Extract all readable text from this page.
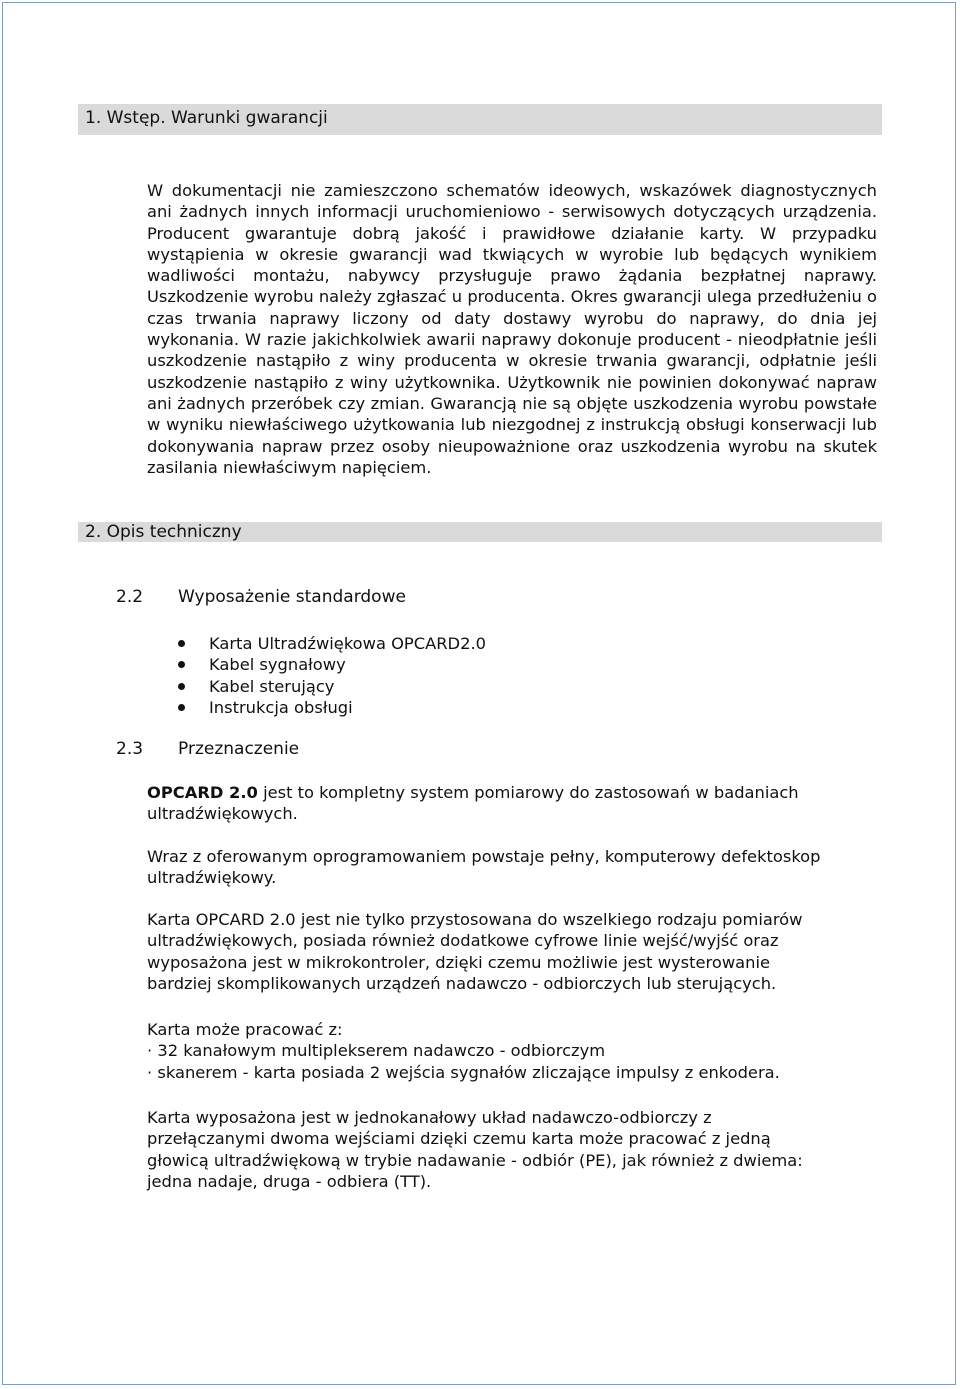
1. Wstęp. Warunki gwarancji
W dokumentacji nie zamieszczono schematów ideowych, wskazówek diagnostycznych ani żadnych innych informacji uruchomieniowo - serwisowych dotyczących urządzenia. Producent gwarantuje dobrą jakość i prawidłowe działanie karty. W przypadku wystąpienia w okresie gwarancji wad tkwiących w wyrobie lub będących wynikiem wadliwości montażu, nabywcy przysługuje prawo żądania bezpłatnej naprawy. Uszkodzenie wyrobu należy zgłaszać u producenta. Okres gwarancji ulega przedłużeniu o czas trwania naprawy liczony od daty dostawy wyrobu do naprawy, do dnia jej wykonania. W razie jakichkolwiek awarii naprawy dokonuje producent - nieodpłatnie jeśli uszkodzenie nastąpiło z winy producenta w okresie trwania gwarancji, odpłatnie jeśli uszkodzenie nastąpiło z winy użytkownika. Użytkownik nie powinien dokonywać napraw ani żadnych przeróbek czy zmian. Gwarancją nie są objęte uszkodzenia wyrobu powstałe w wyniku niewłaściwego użytkowania lub niezgodnej z instrukcją obsługi konserwacji lub dokonywania napraw przez osoby nieupoważnione oraz uszkodzenia wyrobu na skutek zasilania niewłaściwym napięciem.
2. Opis techniczny
2.2 Wyposażenie standardowe
Karta Ultradźwiękowa OPCARD2.0
Kabel sygnałowy
Kabel sterujący
Instrukcja obsługi
2.3 Przeznaczenie
OPCARD 2.0 jest to kompletny system pomiarowy do zastosowań w badaniach
ultradźwiękowych.
Wraz z oferowanym oprogramowaniem powstaje pełny, komputerowy defektoskop
ultradźwiękowy.
Karta OPCARD 2.0 jest nie tylko przystosowana do wszelkiego rodzaju pomiarów
ultradźwiękowych, posiada również dodatkowe cyfrowe linie wejść/wyjść oraz
wyposażona jest w mikrokontroler, dzięki czemu możliwie jest wysterowanie
bardziej skomplikowanych urządzeń nadawczo - odbiorczych lub sterujących.
Karta może pracować z:
· 32 kanałowym multiplekserem nadawczo - odbiorczym
· skanerem - karta posiada 2 wejścia sygnałów zliczające impulsy z enkodera.
Karta wyposażona jest w jednokanałowy układ nadawczo-odbiorczy z
przełączanymi dwoma wejściami dzięki czemu karta może pracować z jedną
głowicą ultradźwiękową w trybie nadawanie - odbiór (PE), jak również z dwiema:
jedna nadaje, druga - odbiera (TT).
